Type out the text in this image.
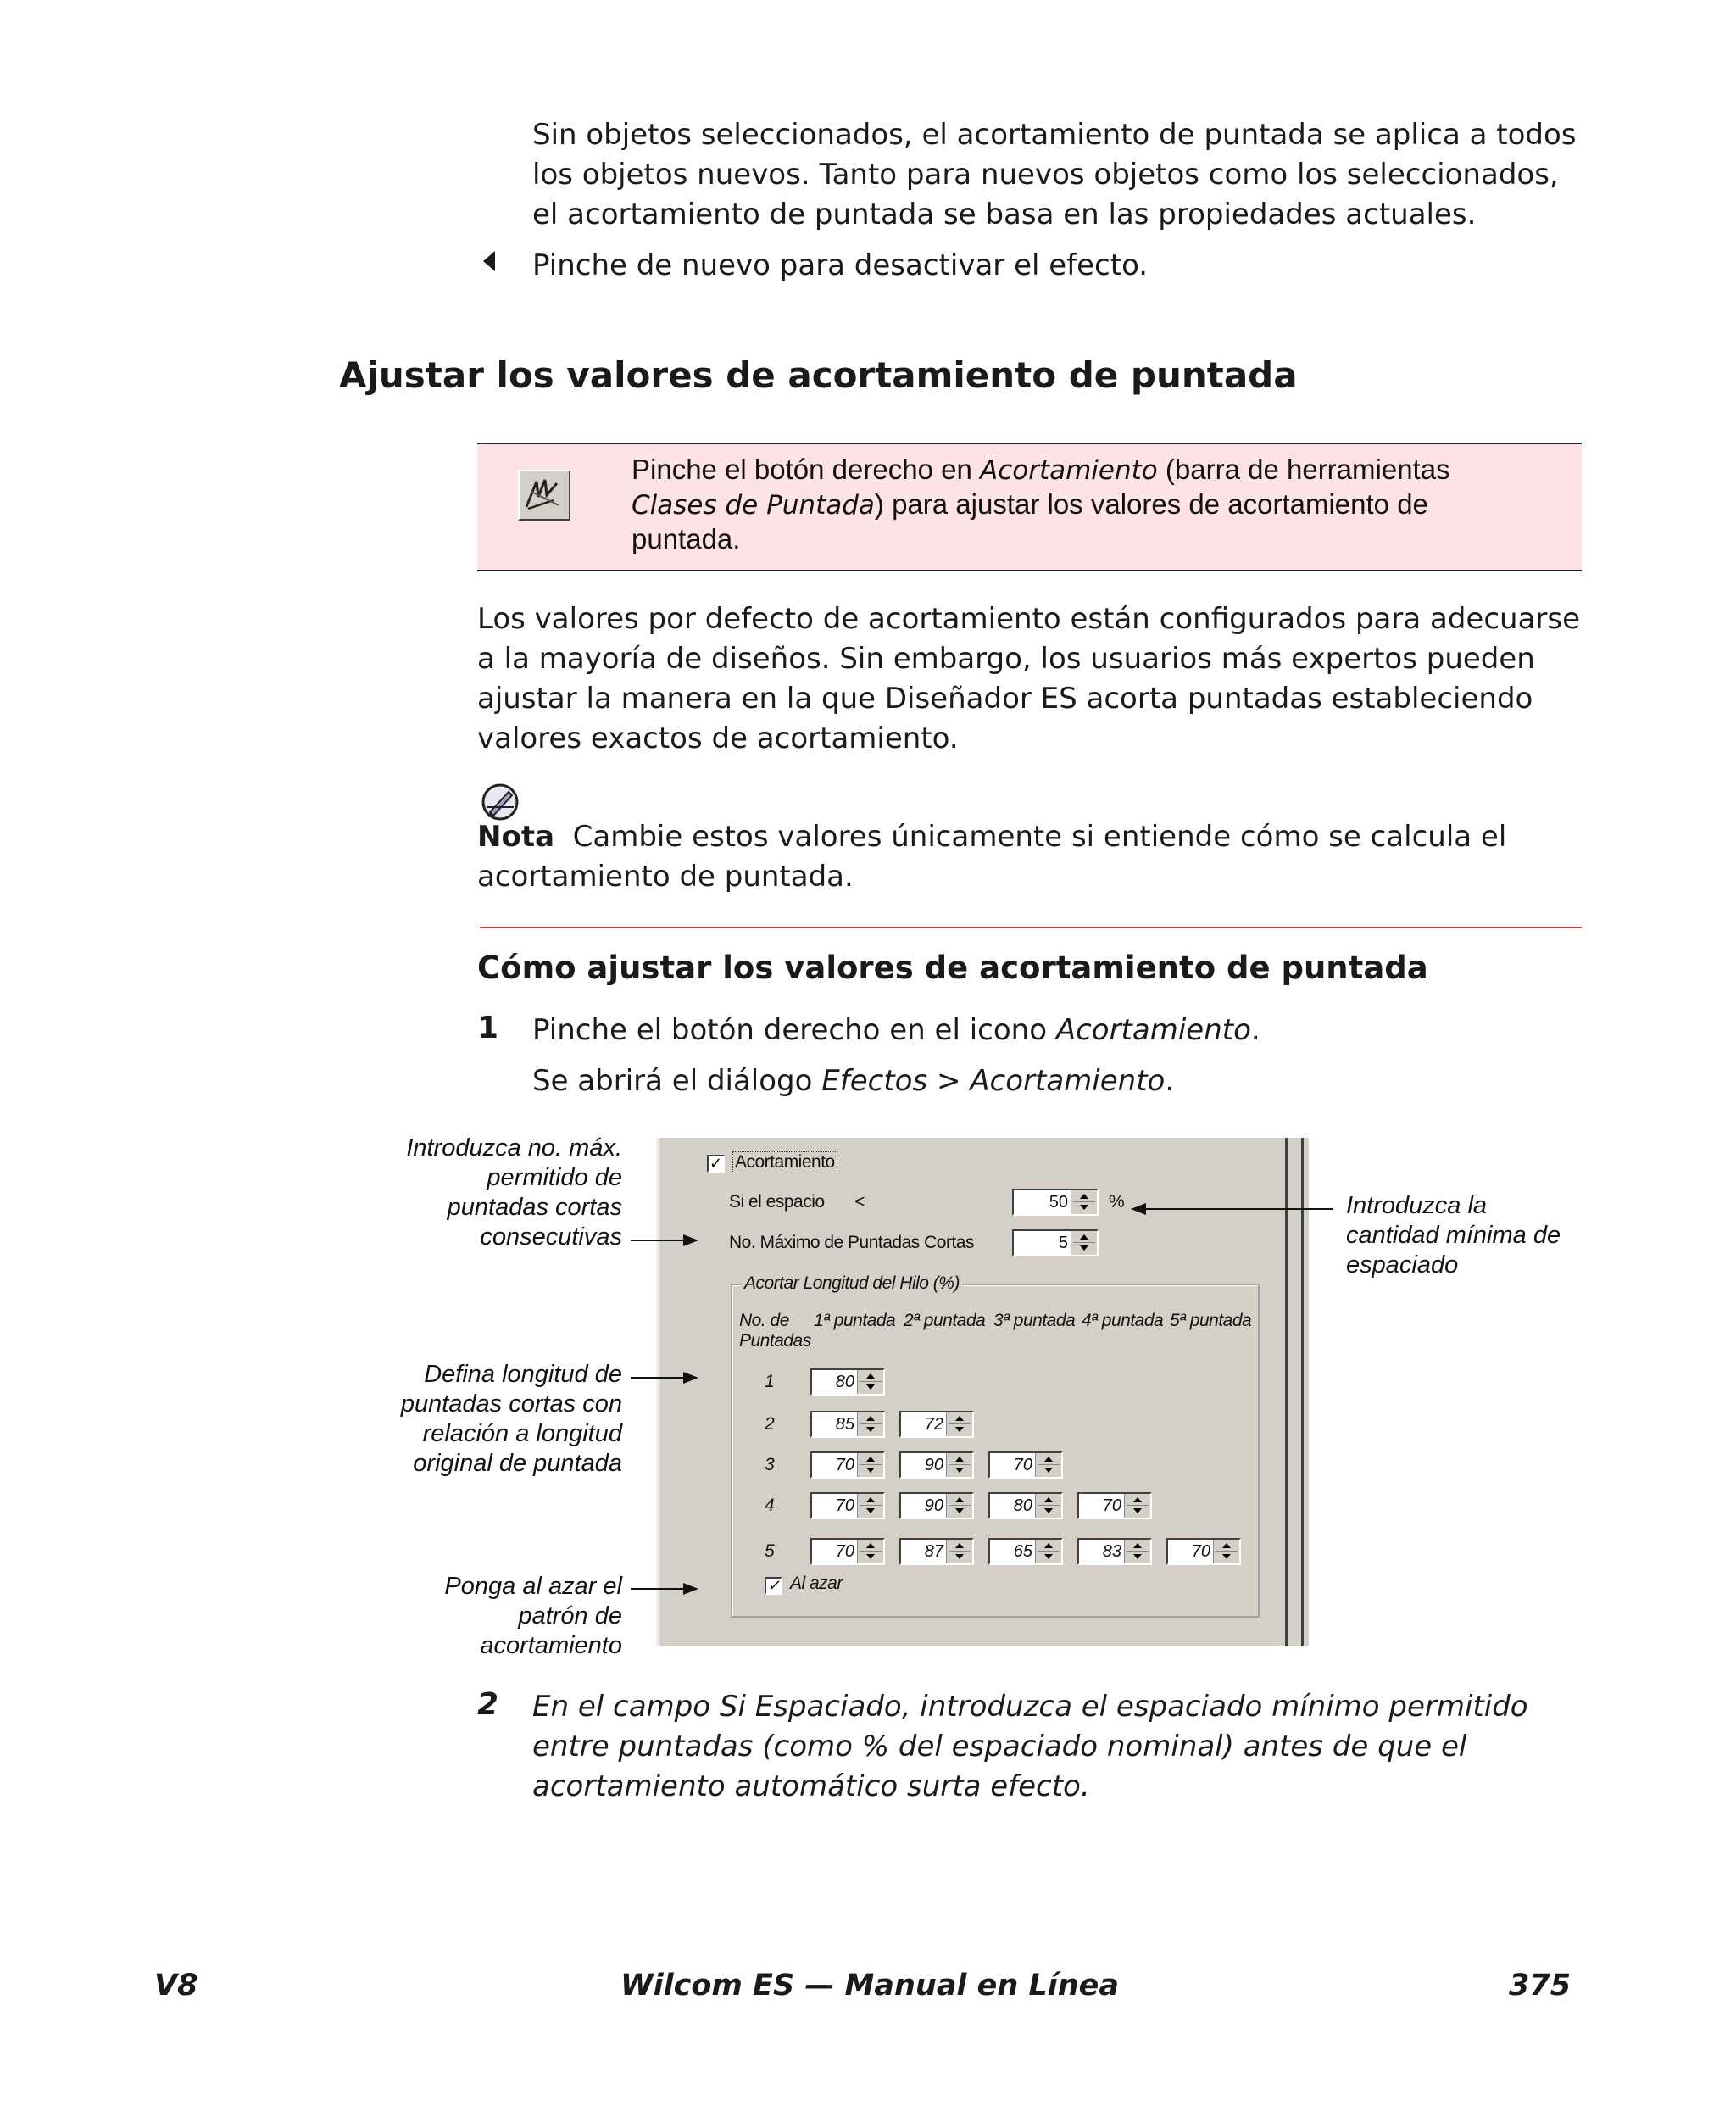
Sin objetos seleccionados, el acortamiento de puntada se aplica a todos
los objetos nuevos. Tanto para nuevos objetos como los seleccionados,
el acortamiento de puntada se basa en las propiedades actuales.
Pinche de nuevo para desactivar el efecto.
Ajustar los valores de acortamiento de puntada
Pinche el botón derecho en Acortamiento (barra de herramientas
Clases de Puntada) para ajustar los valores de acortamiento de
puntada.
Los valores por defecto de acortamiento están configurados para adecuarse
a la mayoría de diseños. Sin embargo, los usuarios más expertos pueden
ajustar la manera en la que Diseñador ES acorta puntadas estableciendo
valores exactos de acortamiento.
Nota Cambie estos valores únicamente si entiende cómo se calcula el
acortamiento de puntada.
Cómo ajustar los valores de acortamiento de puntada
1 Pinche el botón derecho en el icono Acortamiento.
Se abrirá el diálogo Efectos > Acortamiento.
✓ Acortamiento
Si el espacio <	50 %
No. Máximo de Puntadas Cortas	5
Acortar Longitud del Hilo (%)
No. de Puntadas
1ª puntada 2ª puntada 3ª puntada 4ª puntada 5ª puntada
1	80
2	85	72
3	70	90	70
4	70	90	80	70
5	70	87	65	83	70
✓ Al azar
Introduzca no. máx.
permitido de
puntadas cortas
consecutivas
Defina longitud de
puntadas cortas con
relación a longitud
original de puntada
Ponga al azar el
patrón de
acortamiento
Introduzca la
cantidad mínima de
espaciado
2 En el campo Si Espaciado, introduzca el espaciado mínimo permitido
entre puntadas (como % del espaciado nominal) antes de que el
acortamiento automático surta efecto.
V8	Wilcom ES — Manual en Línea	375
